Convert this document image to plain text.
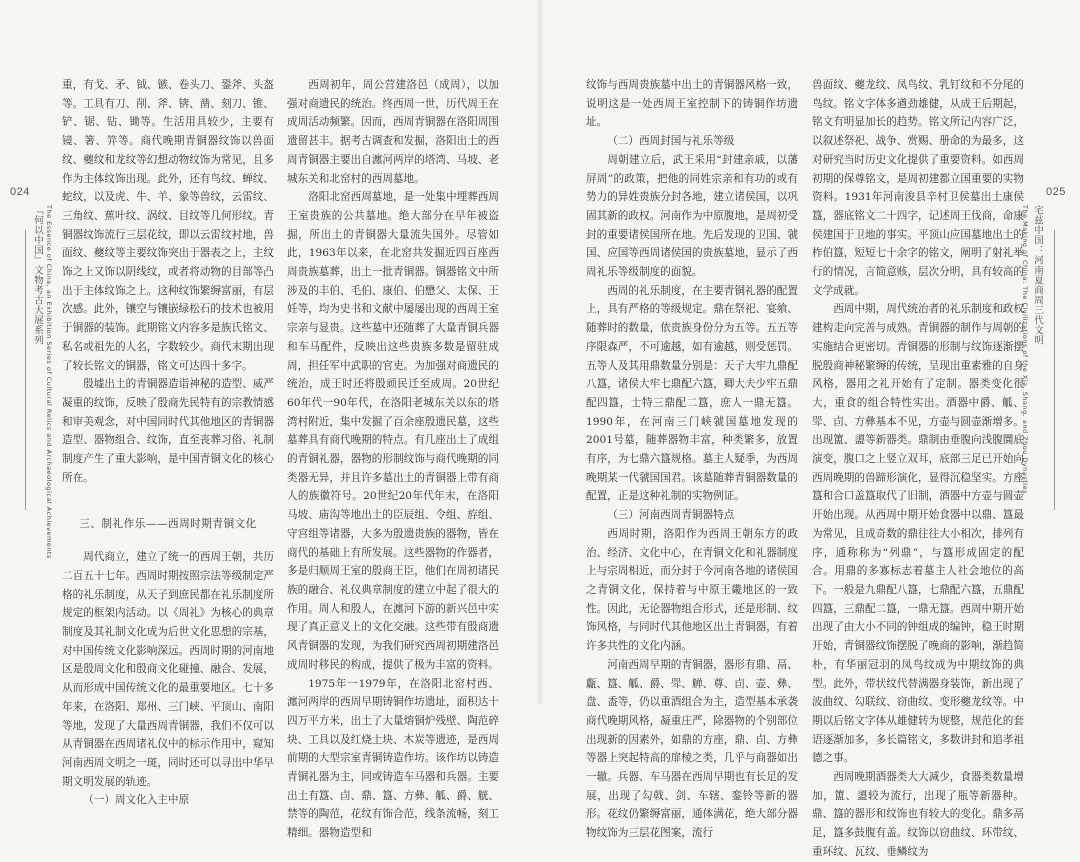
024	025
『何以中国』文物考古大展系列 The Essence of China, an Exhibition Series of Cultural Relics and Archaeological Achievements	宅兹中国：河南夏商周三代文明
The Making of China: The Civilizations of the Xia, Shang, and Zhou Dynasties

重，有戈、矛、钺、镞、卷头刀、銎斧、头盔等。工具有刀、削、斧、锛、凿、刻刀、锥、铲、锯、钻、锄等。生活用具较少，主要有镜、箸、笄等。商代晚期青铜器纹饰以兽面纹、夔纹和龙纹等幻想动物纹饰为常见，且多作为主体纹饰出现。此外，还有鸟纹、蝉纹、蛇纹，以及虎、牛、羊、象等兽纹，云雷纹、三角纹、蕉叶纹、涡纹、目纹等几何形纹。青铜器纹饰流行三层花纹，即以云雷纹衬地，兽面纹、夔纹等主要纹饰突出于器表之上，主纹饰之上又饰以阴线纹，或者将动物的目部等凸出于主体纹饰之上。这种纹饰繁缛富丽，有层次感。此外，镶空与镶嵌绿松石的技术也被用于铜器的装饰。此期铭文内容多是族氏铭文、私名或祖先的人名，字数较少。商代末期出现了较长铭文的铜器，铭文可达四十多字。

殷墟出土的青铜器造诣神秘的造型、威严凝重的纹饰，反映了殷商先民特有的宗教情感和审美观念，对中国同时代其他地区的青铜器造型、器物组合、纹饰，直至丧葬习俗、礼制制度产生了重大影响，是中国青铜文化的核心所在。

三、制礼作乐——西周时期青铜文化

周代商立，建立了统一的西周王朝，共历二百五十七年。西周时期按照宗法等级制定严格的礼乐制度，从天子到庶民都在礼乐制度所规定的框架内活动。以《周礼》为核心的典章制度及其礼制文化成为后世文化思想的宗基，对中国传统文化影响深远。西周时期的河南地区是殷周文化和殷商文化碰撞、融合、发展，从而形成中国传统文化的最重要地区。七十多年来，在洛阳、郑州、三门峡、平顶山、南阳等地，发现了大量西周青铜器，我们不仅可以从青铜器在西周诸礼仪中的标示作用中，窥知河南西周文明之一斑，同时还可以寻出中华早期文明发展的轨迹。

（一）周文化入主中原

西周初年，周公营建洛邑（成周），以加强对商遗民的统治。终西周一世，历代周王在成周活动频繁。因而，西周青铜器在洛阳周围遗留甚丰。据考古调查和发掘，洛阳出土的西周青铜器主要出自瀍河两岸的塔湾、马坡、老城东关和北窑村的西周墓地。

洛阳北窑西周墓地，是一处集中埋葬西周王室贵族的公共墓地。绝大部分在早年被盗掘，所出土的青铜器大量流失国外。尽管如此，1963年以来，在北窑共发掘近四百座西周贵族墓葬，出土一批青铜器。铜器铭文中所涉及的丰伯、毛伯、康伯、伯懋父、太保、王妊等，均为史书和文献中屡屡出现的西周王室宗亲与显贵。这些墓中还随葬了大量青铜兵器和车马配件，反映出这些贵族多数是留驻成周，担任军中武职的官吏。为加强对商遗民的统治，成王时还将殷顽民迁至成周。20世纪60年代一90年代，在洛阳老城东关以东的塔湾村附近，集中发掘了百余座殷遗民墓，这些墓葬具有商代晚期的特点。有几座出土了成组的青铜礼器，器物的形制纹饰与商代晚期的同类器无异，并且许多墓出土的青铜器上带有商人的族徽符号。20世纪20年代年末，在洛阳马坡、庙沟等地出土的臣辰组、令组、斿组、守宫组等诸器，大多为殷遗贵族的器物，皆在商代的基础上有所发展。这些器物的作器者，多是归顺周王室的殷商王臣，他们在周初诸民族的融合、礼仪典章制度的建立中起了很大的作用。周人和殷人，在瀍河下游的新兴邑中实现了真正意义上的文化交融。这些带有殷商遗风青铜器的发现，为我们研究西周初期建洛邑成周时移民的构成，提供了极为丰富的资料。

1975年一1979年，在洛阳北窑村西、瀍河两岸的西周早期铸铜作坊遗址，面积达十四万平方米，出土了大量熔铜炉残壁、陶范碎块、工具以及红烧土块、木炭等遗迹，是西周前期的大型宗室青铜铸造作坊。该作坊以铸造青铜礼器为主，同或铸造车马器和兵器。主要出土有簋、卣、鼎、簋、方彝、觚、爵、觥、禁等的陶范，花纹有饰合范，线条流畅，刻工精细。器物造型和

纹饰与西周贵族墓中出土的青铜器风格一致，说明这是一处西周王室控制下的铸铜作坊遗址。

（二）西周封国与礼乐等级

周朝建立后，武王采用“封建亲戚，以藩屏周”的政策，把他的同姓宗亲和有功的或有势力的异姓贵族分封各地，建立诸侯国，以巩固其新的政权。河南作为中原腹地，是周初受封的重要诸侯国所在地。先后发现的卫国、虢国、应国等西周诸侯国的贵族墓地，显示了西周礼乐等级制度的面貌。

西周的礼乐制度，在主要青铜礼器的配置上，具有严格的等级规定。鼎在祭祀、宴飨、随葬时的数量，依贵族身份分为五等。五五等序限森严，不可逾越，如有逾越，则受惩罚。五等人及其用鼎数量分别是：天子大牢九鼎配八簋，诸侯大牢七鼎配六簋，卿大夫少牢五鼎配四簋，士特三鼎配二簋，庶人一鼎无簋。1990年，在河南三门峡虢国墓地发现的2001号墓，随葬器物丰富，种类繁多，放置有序，为七鼎六簋规格。墓主人疑季，为西周晚期某一代虢国国君。该墓随葬青铜器数量的配置，正是这种礼制的实物例证。

（三）河南西周青铜器特点

西周时期，洛阳作为西周王朝东方的政治、经济、文化中心，在青铜文化和礼器制度上与宗周相近，而分封于今河南各地的诸侯国之青铜文化，保持着与中原王畿地区的一致性。因此，无论器物组合形式，还是形制、纹饰风格，与同时代其他地区出土青铜器，有着许多共性的文化内涵。

河南西周早期的青铜器，器形有鼎、鬲、甗、簋、觚、爵、斝、觯、尊、卣、壶、彝、盘、盉等，仍以重酒组合为主，造型基本承袭商代晚期风格，凝重庄严，除器物的个别部位出现新的因素外，如鼎的方座，鼎、卣、方彝等器上突起特高的扉棱之类，几乎与商器如出一辙。兵器、车马器在西周早期也有长足的发展，出现了勾戟、剑、车辖、銮铃等新的器形。花纹仍繁缛富丽，通体满花，绝大部分器物纹饰为三层花图案，流行

兽面纹、夔龙纹、凤鸟纹、乳钉纹和不分尾的鸟纹。铭文字体多遒劲雄健，从成王后期起，铭文有明显加长的趋势。铭文所记内容广泛，以叙述祭祀、战争、赏赐、册命的为最多，这对研究当时历史文化提供了重要资料。如西周初期的保尊铭文，是周初建都立国重要的实物资料。1931年河南浚县辛村卫侯墓出土康侯簋，器底铭文二十四字，记述周王伐商，命康侯建国于卫地的事实。平顶山应国墓地出土的柞伯簋，短短七十余字的铭文，阐明了射礼举行的情况，言简意赅，层次分明，具有较高的文学成就。

西周中期，周代统治者的礼乐制度和政权建构走向完善与成熟。青铜器的制作与周朝的实施结合更密切。青铜器的形制与纹饰逐渐摆脱殷商神秘繁缛的传统，呈现出重素雅的自身风格，器用之礼开始有了定制。器类变化很大，重食的组合特性实出。酒器中爵、觚、斝、卣、方彝基本不见，方壶与圆壶渐增多。出现簠、盨等新器类。鼎制由垂腹向浅腹圜底演变，腹口之上竖立双耳，底部三足已开始向西周晚期的兽蹄形演化，显得沉稳坚实。方座簋和合口盖簋取代了旧制，酒器中方壶与圆壶开始出现。从西周中期开始食器中以鼎、簋最为常见，且成奇数的鼎往往大小相次，排列有序，通称称为“列鼎”，与簋形成固定的配合。用鼎的多寡标志着墓主人社会地位的高下。一般是九鼎配八簋，七鼎配六簋，五鼎配四簋，三鼎配二簋，一鼎无簋。西周中期开始出现了由大小不同的钟组成的编钟，稳王时期开始，青铜器纹饰摆脱了晚商的影响，渐趋简朴，有华丽冠羽的凤鸟纹成为中期纹饰的典型。此外，带状纹代替满器身装饰，新出现了波曲纹、勾联纹、窃曲纹、变形夔龙纹等。中期以后铭文字体从雄健转为规整，规范化的套语逐渐加多，多长篇铭文，多数讲封和追孝祖德之事。

西周晚期酒器类大大减少，食器类数量增加，簠、盨较为流行，出现了瓶等新器种。鼎、簋的器形和纹饰也有较大的变化。鼎多鬲足，簋多鼓腹有盖。纹饰以窃曲纹、环带纹、重环纹、瓦纹、垂鳞纹为
